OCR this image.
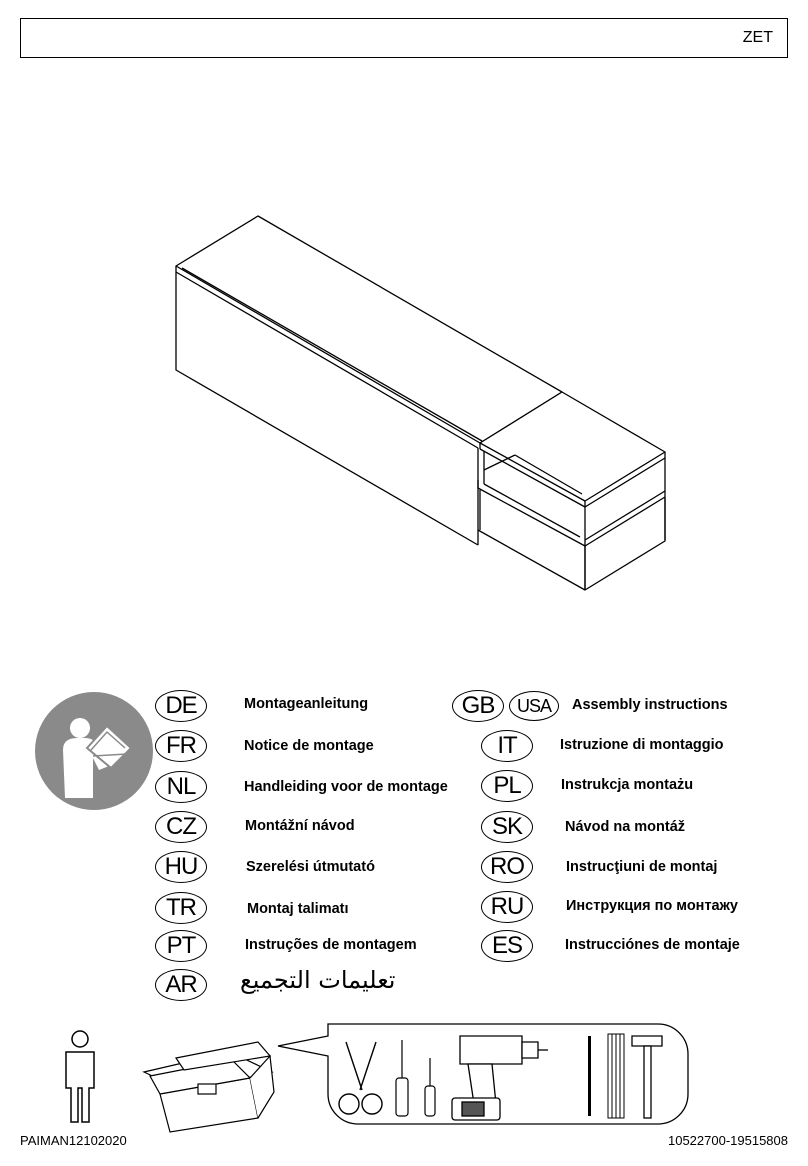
ZET
DE	Montageanleitung
FR	Notice de montage
NL	Handleiding voor de montage
CZ	Montážní návod
HU	Szerelési útmutató
TR	Montaj talimatı
PT	Instruções de montagem
AR	تعليمات التجميع
GB	USA	Assembly instructions
IT	Istruzione di montaggio
PL	Instrukcja montażu
SK	Návod na montáž
RO	Instrucţiuni de montaj
RU	Инструкция по монтажу
ES	Instrucciónes de montaje
PAIMAN12102020	10522700-19515808
